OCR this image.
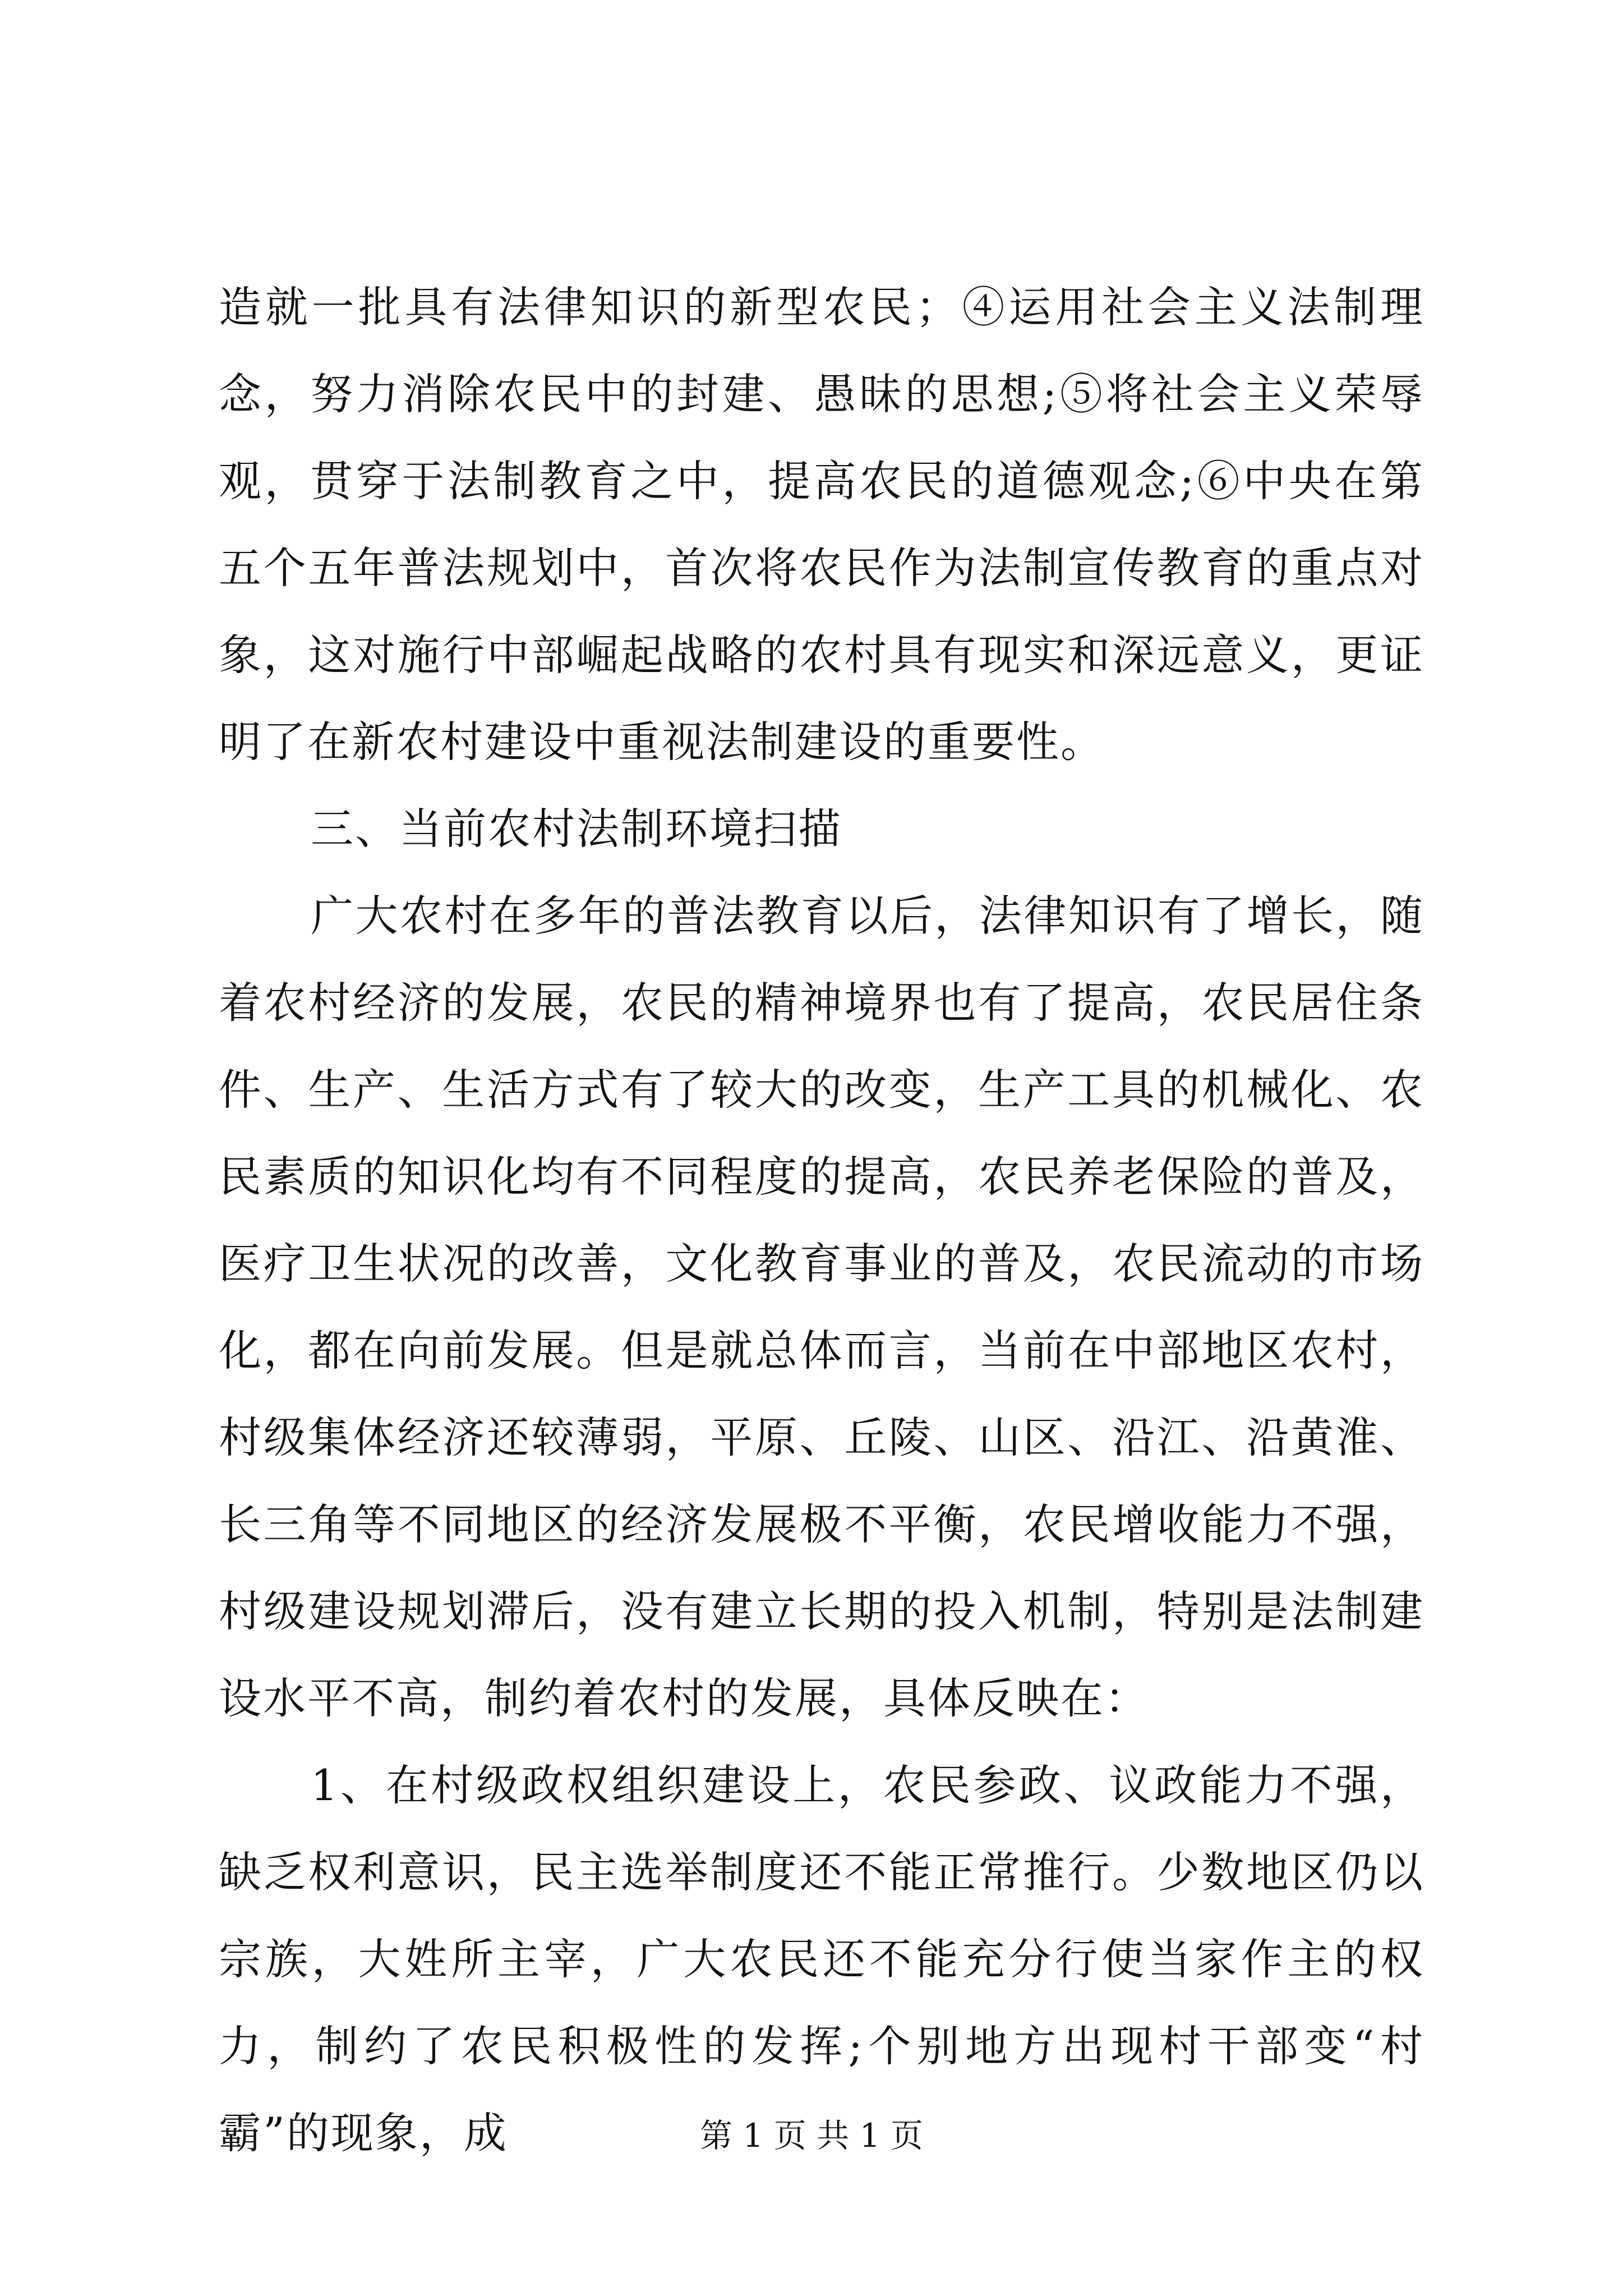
造就一批具有法律知识的新型农民；④运用社会主义法制理念，努力消除农民中的封建、愚昧的思想;⑤将社会主义荣辱观，贯穿于法制教育之中，提高农民的道德观念;⑥中央在第五个五年普法规划中，首次将农民作为法制宣传教育的重点对象，这对施行中部崛起战略的农村具有现实和深远意义，更证明了在新农村建设中重视法制建设的重要性。

三、当前农村法制环境扫描

广大农村在多年的普法教育以后，法律知识有了增长，随着农村经济的发展，农民的精神境界也有了提高，农民居住条件、生产、生活方式有了较大的改变，生产工具的机械化、农民素质的知识化均有不同程度的提高，农民养老保险的普及，医疗卫生状况的改善，文化教育事业的普及，农民流动的市场化，都在向前发展。但是就总体而言，当前在中部地区农村，村级集体经济还较薄弱，平原、丘陵、山区、沿江、沿黄淮、长三角等不同地区的经济发展极不平衡，农民增收能力不强，村级建设规划滞后，没有建立长期的投入机制，特别是法制建设水平不高，制约着农村的发展，具体反映在：

1、在村级政权组织建设上，农民参政、议政能力不强，缺乏权利意识，民主选举制度还不能正常推行。少数地区仍以宗族，大姓所主宰，广大农民还不能充分行使当家作主的权力，制约了农民积极性的发挥;个别地方出现村干部变“村霸”的现象，成	第 1 页 共 1 页
